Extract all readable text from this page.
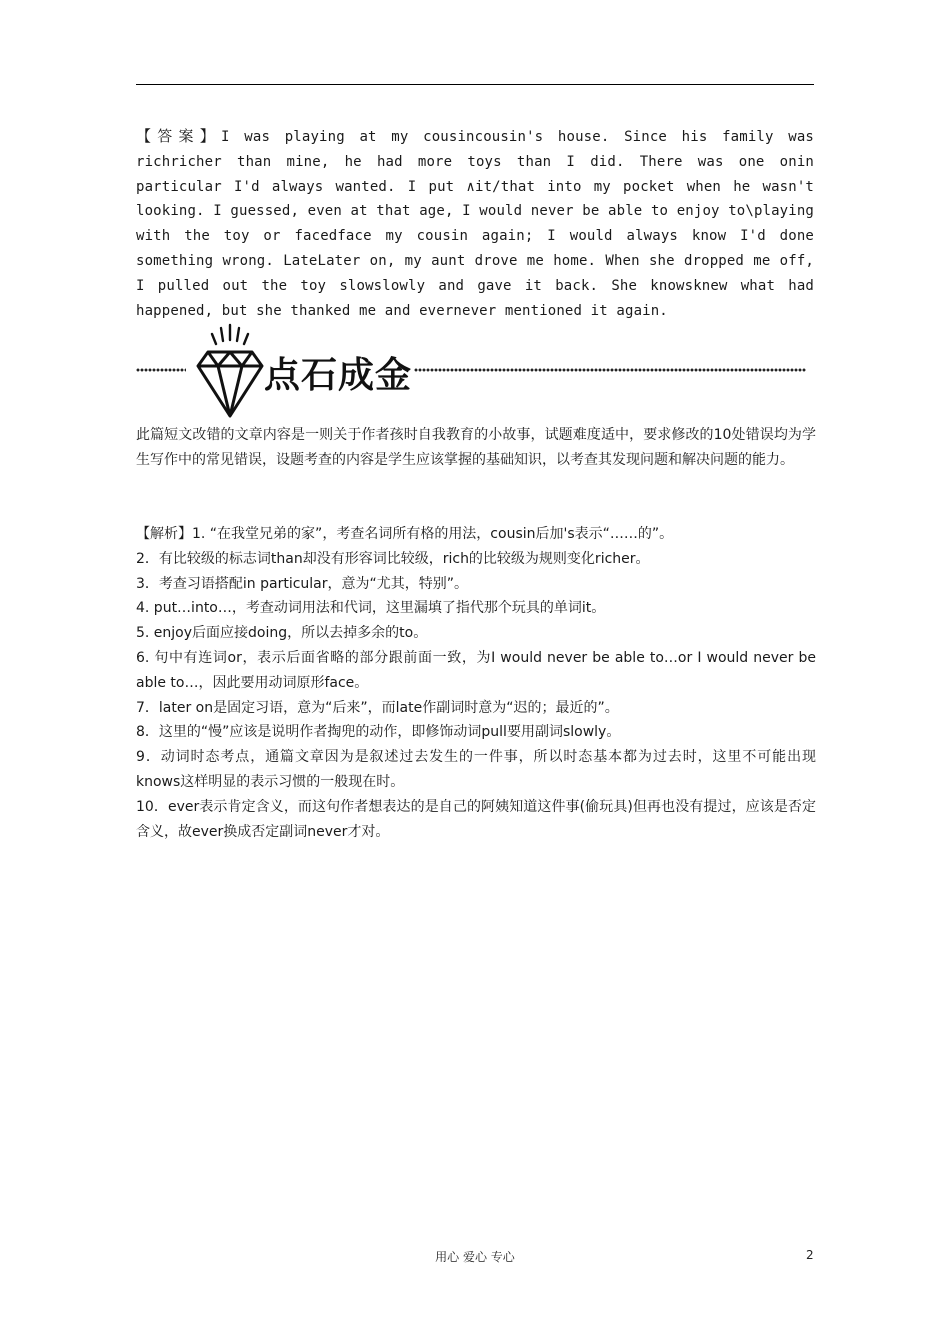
【答案】I was playing at my cousincousin's house. Since his family was richricher than mine, he had more toys than I did. There was one onin particular I'd always wanted. I put ∧it/that into my pocket when he wasn't looking. I guessed, even at that age, I would never be able to enjoy to\playing with the toy or facedface my cousin again; I would always know I'd done something wrong. LateLater on, my aunt drove me home. When she dropped me off, I pulled out the toy slowslowly and gave it back. She knowsknew what had happened, but she thanked me and evernever mentioned it again.
点石成金
此篇短文改错的文章内容是一则关于作者孩时自我教育的小故事，试题难度适中，要求修改的10处错误均为学生写作中的常见错误，设题考查的内容是学生应该掌握的基础知识，以考查其发现问题和解决问题的能力。

【解析】1. “在我堂兄弟的家”，考查名词所有格的用法，cousin后加's表示“……的”。

2．有比较级的标志词than却没有形容词比较级，rich的比较级为规则变化richer。

3．考查习语搭配in particular，意为“尤其，特别”。

4. put…into…，考查动词用法和代词，这里漏填了指代那个玩具的单词it。

5. enjoy后面应接doing，所以去掉多余的to。

6. 句中有连词or，表示后面省略的部分跟前面一致，为I would never be able to…or I would never be able to…，因此要用动词原形face。

7．later on是固定习语，意为“后来”，而late作副词时意为“迟的；最近的”。

8．这里的“慢”应该是说明作者掏兜的动作，即修饰动词pull要用副词slowly。

9．动词时态考点，通篇文章因为是叙述过去发生的一件事，所以时态基本都为过去时，这里不可能出现knows这样明显的表示习惯的一般现在时。

10．ever表示肯定含义，而这句作者想表达的是自己的阿姨知道这件事(偷玩具)但再也没有提过，应该是否定含义，故ever换成否定副词never才对。

用心 爱心 专心	2
